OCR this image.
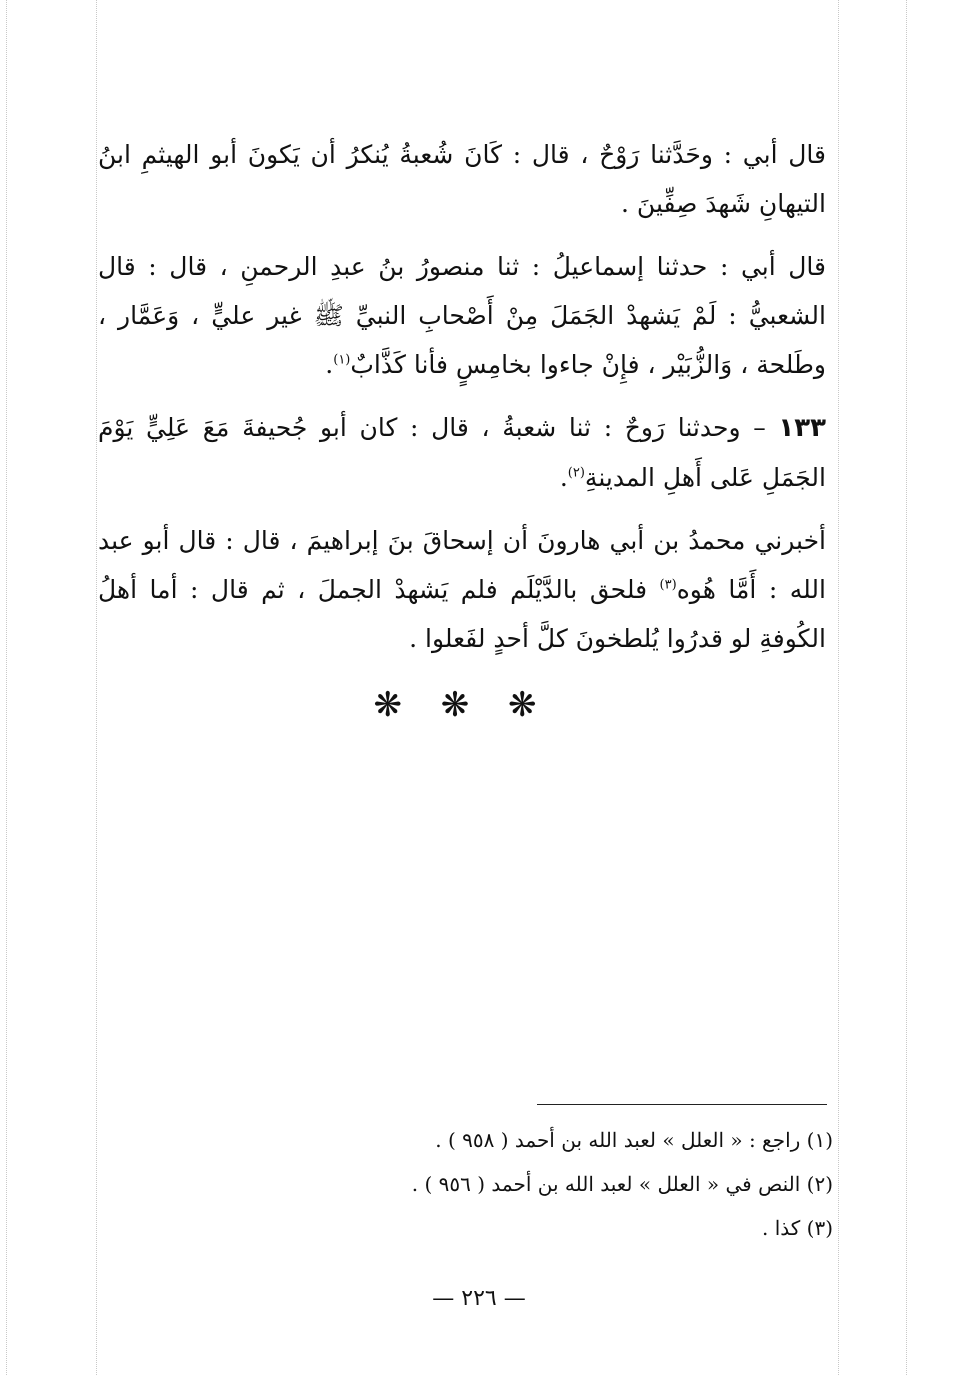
قال أبي : وحَدَّثنا رَوْحٌ ، قال : كَانَ شُعبةُ يُنكرُ أن يَكونَ أبو الهيثمِ ابنُ التيهانِ شَهدَ صِفِّينَ .

قال أبي : حدثنا إسماعيلُ : ثنا منصورُ بنُ عبدِ الرحمنِ ، قال : قال الشعبيُّ : لَمْ يَشهدْ الجَمَلَ مِنْ أَصْحابِ النبيِّ ﷺ غير عليٍّ ، وَعَمَّار ، وطَلحة ، وَالزُّبَيْر ، فإِنْ جاءوا بخامِسٍ فأنا كَذَّابٌ$^{(١)}$.

١٣٣ – وحدثنا رَوحٌ : ثنا شعبةُ ، قال : كان أبو جُحيفةَ مَعَ عَلِيٍّ يَوْمَ الجَمَلِ عَلى أَهلِ المدينةِ$^{(٢)}$.

أخبرني محمدُ بن أبي هارونَ أن إسحاقَ بنَ إبراهيمَ ، قال : قال أبو عبد الله : أَمَّا هُوه$^{(٣)}$ فلحق بالدَّيْلَم فلم يَشهدْ الجملَ ، ثم قال : أما أهلُ الكُوفةِ لو قدرُوا يُلطخونَ كلَّ أحدٍ لفَعلوا .

❋ ❋ ❋

(١) راجع : « العلل » لعبد الله بن أحمد ( ٩٥٨ ) .

(٢) النص في « العلل » لعبد الله بن أحمد ( ٩٥٦ ) .

(٣) كذا .

— ٢٢٦ —
